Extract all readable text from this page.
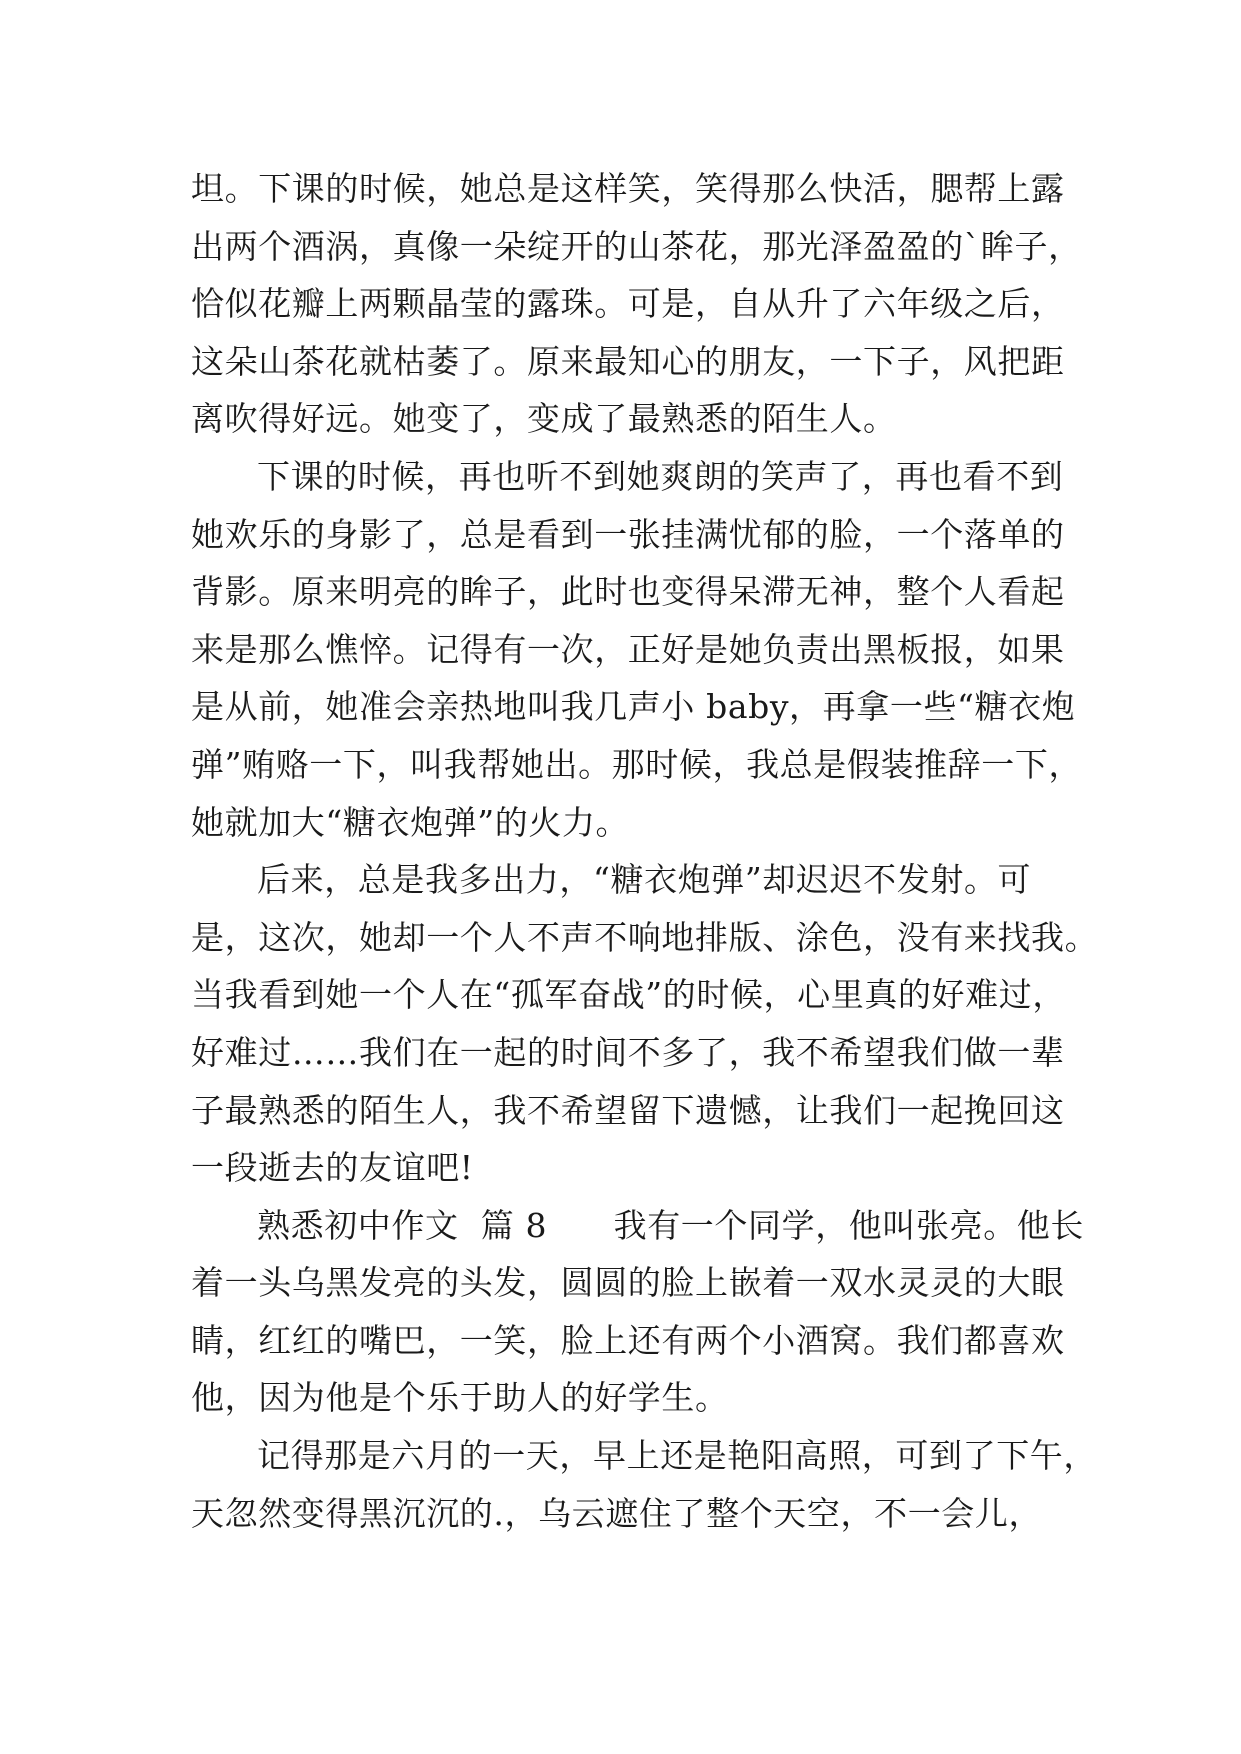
坦。下课的时候，她总是这样笑，笑得那么快活，腮帮上露
出两个酒涡，真像一朵绽开的山茶花，那光泽盈盈的`眸子，
恰似花瓣上两颗晶莹的露珠。可是，自从升了六年级之后，
这朵山茶花就枯萎了。原来最知心的朋友，一下子，风把距
离吹得好远。她变了，变成了最熟悉的陌生人。
下课的时候，再也听不到她爽朗的笑声了，再也看不到
她欢乐的身影了，总是看到一张挂满忧郁的脸，一个落单的
背影。原来明亮的眸子，此时也变得呆滞无神，整个人看起
来是那么憔悴。记得有一次，正好是她负责出黑板报，如果
是从前，她准会亲热地叫我几声小 baby，再拿一些“糖衣炮
弹”贿赂一下，叫我帮她出。那时候，我总是假装推辞一下，
她就加大“糖衣炮弹”的火力。
后来，总是我多出力，“糖衣炮弹”却迟迟不发射。可
是，这次，她却一个人不声不响地排版、涂色，没有来找我。
当我看到她一个人在“孤军奋战”的时候，心里真的好难过，
好难过……我们在一起的时间不多了，我不希望我们做一辈
子最熟悉的陌生人，我不希望留下遗憾，让我们一起挽回这
一段逝去的友谊吧!
熟悉初中作文  篇 8      我有一个同学，他叫张亮。他长
着一头乌黑发亮的头发，圆圆的脸上嵌着一双水灵灵的大眼
睛，红红的嘴巴，一笑，脸上还有两个小酒窝。我们都喜欢
他，因为他是个乐于助人的好学生。
记得那是六月的一天，早上还是艳阳高照，可到了下午，
天忽然变得黑沉沉的.，乌云遮住了整个天空，不一会儿，
